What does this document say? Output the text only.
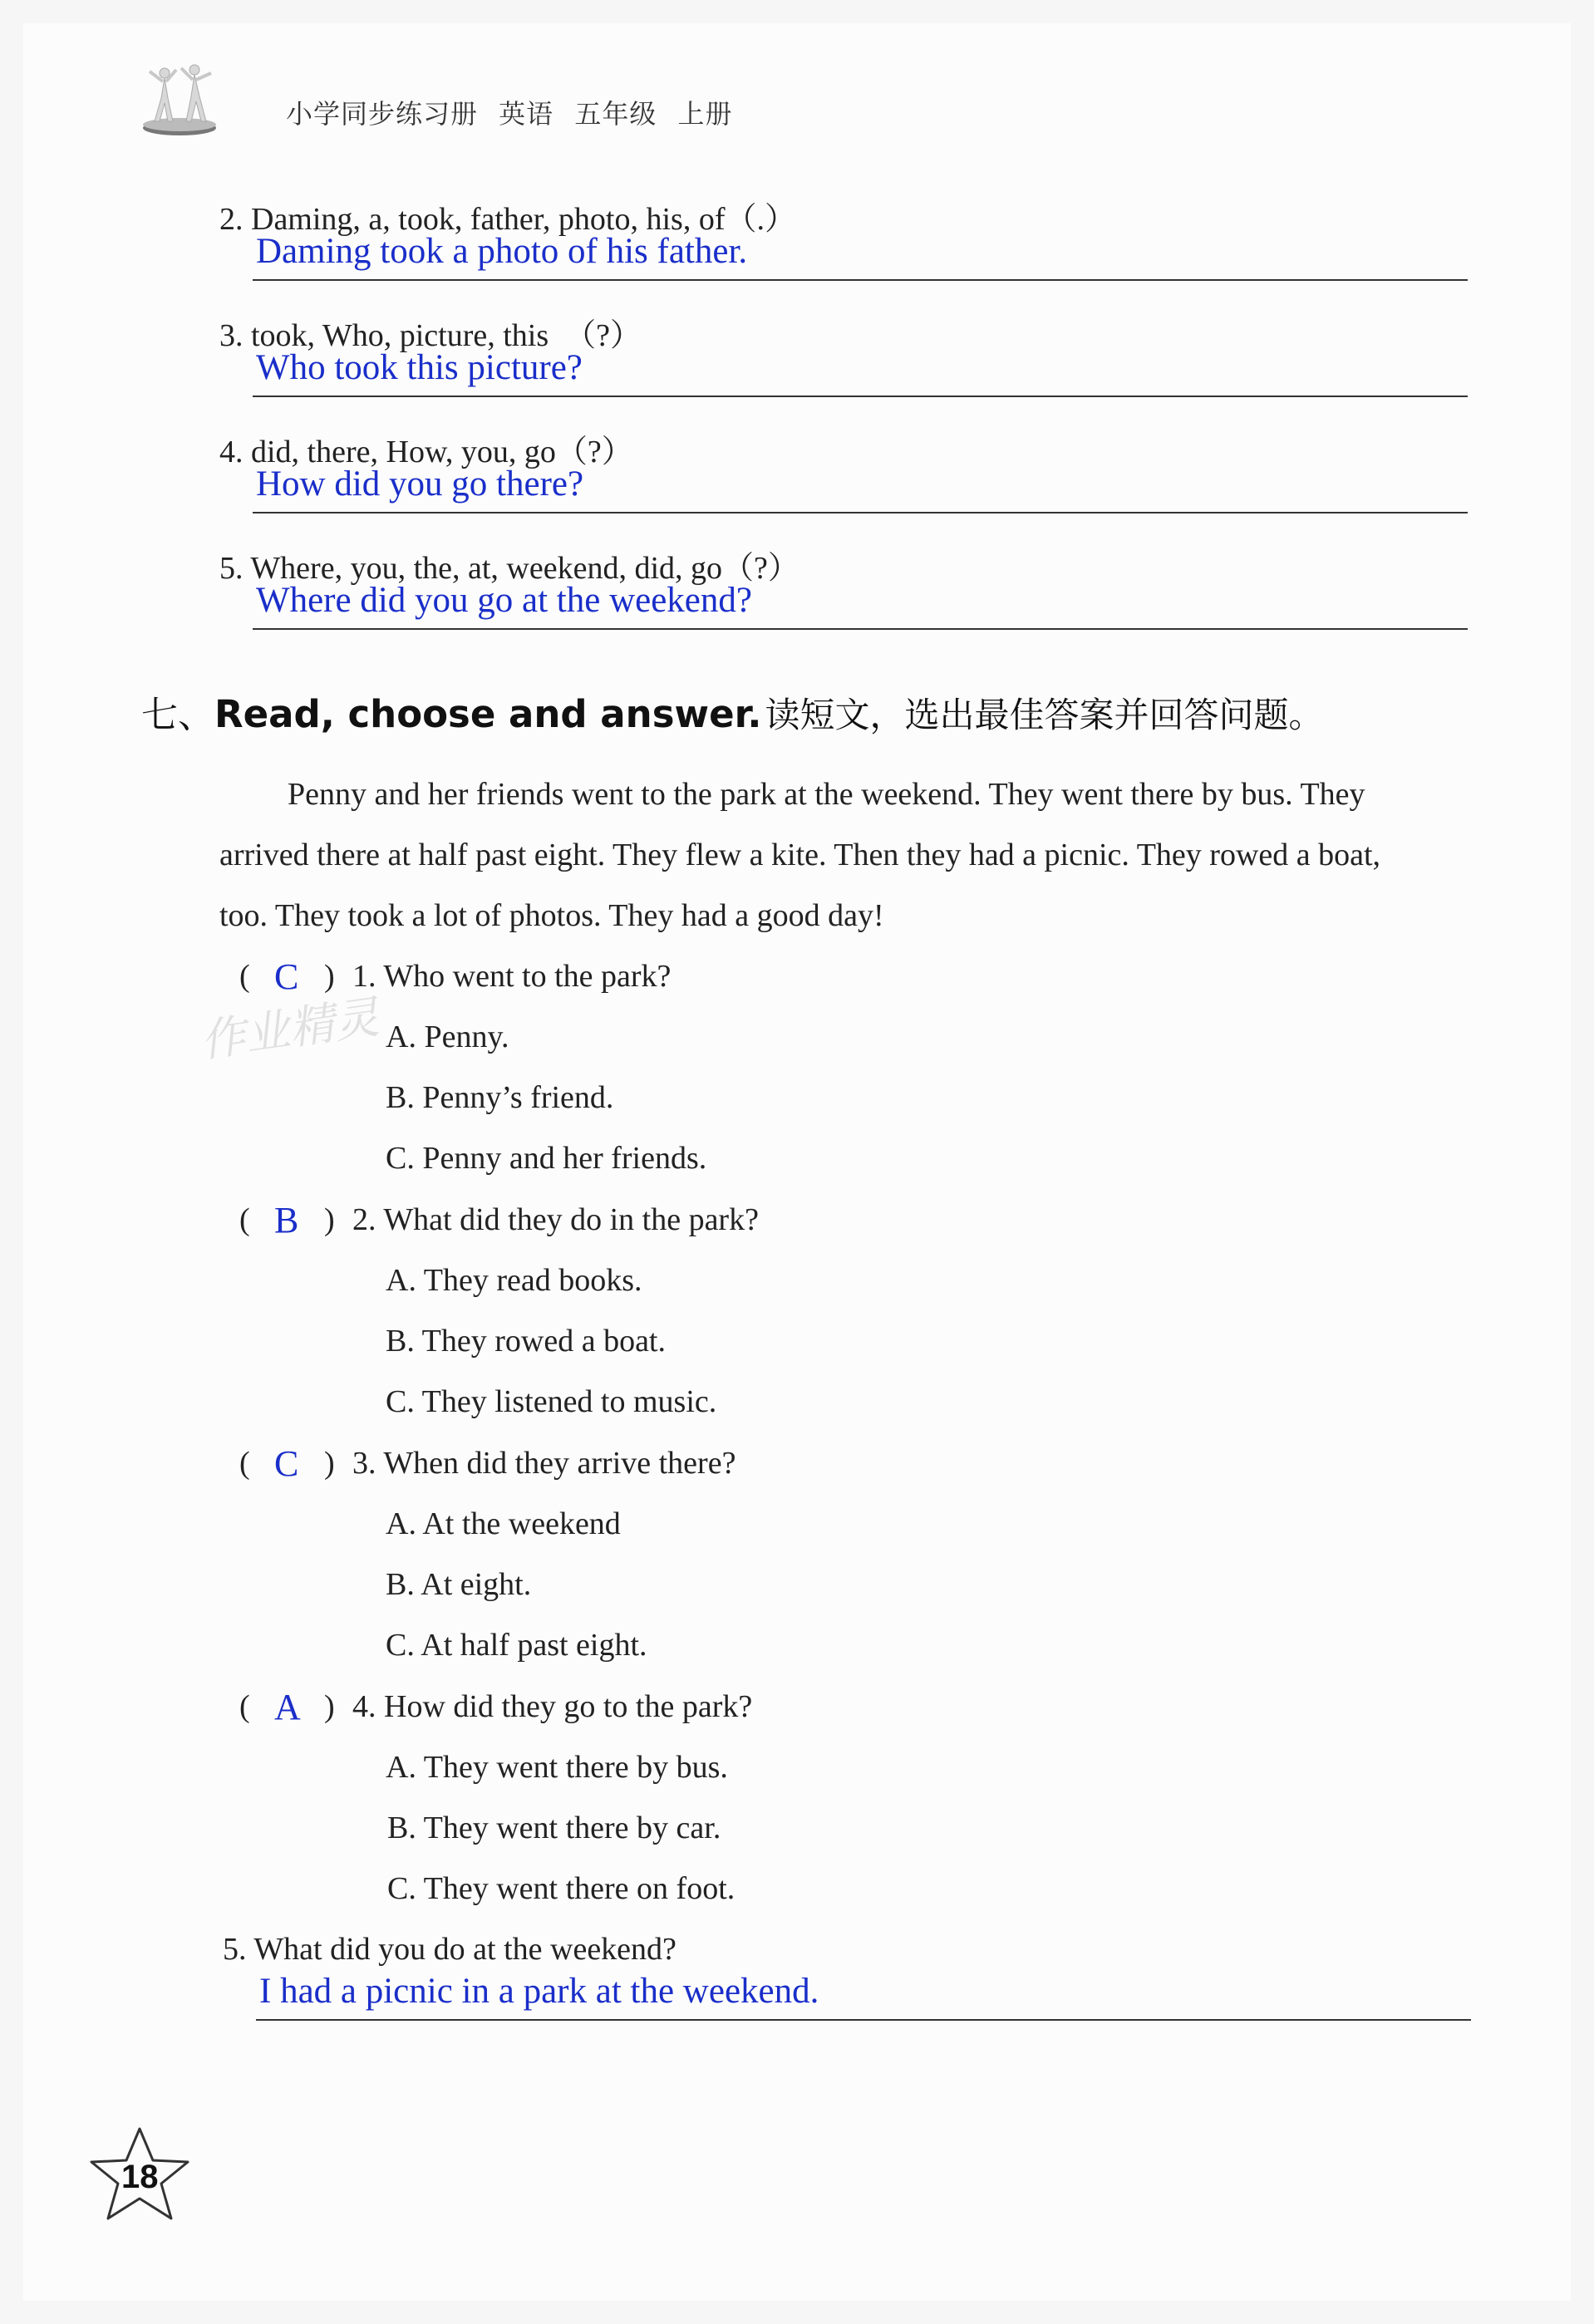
小学同步练习册 英语 五年级 上册
2. Daming, a, took, father, photo, his, of（.）
Daming took a photo of his father.
3. took, Who, picture, this　（?）
Who took this picture?
4. did, there, How, you, go（?）
How did you go there?
5. Where, you, the, at, weekend, did, go（?）
Where did you go at the weekend?
七、Read, choose and answer. 读短文，选出最佳答案并回答问题。
Penny and her friends went to the park at the weekend. They went there by bus. They
arrived there at half past eight. They flew a kite. Then they had a picnic. They rowed a boat,
too. They took a lot of photos. They had a good day!
( C ) 1. Who went to the park?
A. Penny.
B. Penny’s friend.
C. Penny and her friends.
( B ) 2. What did they do in the park?
A. They read books.
B. They rowed a boat.
C. They listened to music.
( C ) 3. When did they arrive there?
A. At the weekend
B. At eight.
C. At half past eight.
( A ) 4. How did they go to the park?
A. They went there by bus.
B. They went there by car.
C. They went there on foot.
5. What did you do at the weekend?
I had a picnic in a park at the weekend.
作业精灵
18
